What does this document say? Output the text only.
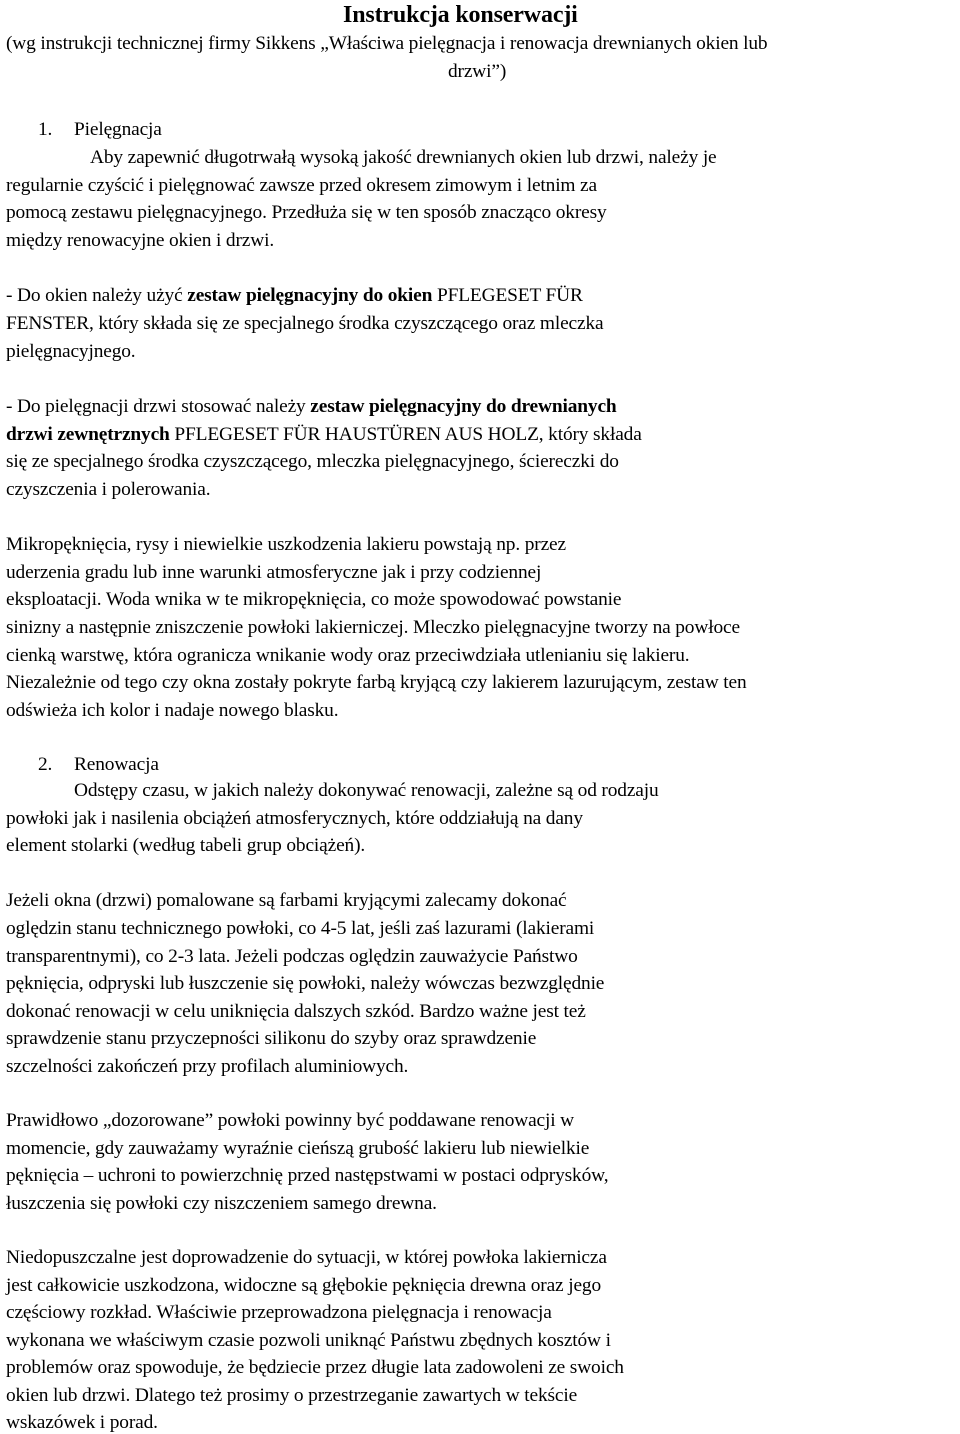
Instrukcja konserwacji
(wg instrukcji technicznej firmy Sikkens „Właściwa pielęgnacja i renowacja drewnianych okien lub
drzwi”)
1. Pielęgnacja
Aby zapewnić długotrwałą wysoką jakość drewnianych okien lub drzwi, należy je
regularnie czyścić i pielęgnować zawsze przed okresem zimowym i letnim za
pomocą zestawu pielęgnacyjnego. Przedłuża się w ten sposób znacząco okresy
między renowacyjne okien i drzwi.
- Do okien należy użyć zestaw pielęgnacyjny do okien PFLEGESET FÜR
FENSTER, który składa się ze specjalnego środka czyszczącego oraz mleczka
pielęgnacyjnego.
- Do pielęgnacji drzwi stosować należy zestaw pielęgnacyjny do drewnianych
drzwi zewnętrznych PFLEGESET FÜR HAUSTÜREN AUS HOLZ, który składa
się ze specjalnego środka czyszczącego, mleczka pielęgnacyjnego, ściereczki do
czyszczenia i polerowania.
Mikropęknięcia, rysy i niewielkie uszkodzenia lakieru powstają np. przez
uderzenia gradu lub inne warunki atmosferyczne jak i przy codziennej
eksploatacji. Woda wnika w te mikropęknięcia, co może spowodować powstanie
sinizny a następnie zniszczenie powłoki lakierniczej. Mleczko pielęgnacyjne tworzy na powłoce
cienką warstwę, która ogranicza wnikanie wody oraz przeciwdziała utlenianiu się lakieru.
Niezależnie od tego czy okna zostały pokryte farbą kryjącą czy lakierem lazurującym, zestaw ten
odświeża ich kolor i nadaje nowego blasku.
2. Renowacja
Odstępy czasu, w jakich należy dokonywać renowacji, zależne są od rodzaju
powłoki jak i nasilenia obciążeń atmosferycznych, które oddziałują na dany
element stolarki (według tabeli grup obciążeń).
Jeżeli okna (drzwi) pomalowane są farbami kryjącymi zalecamy dokonać
oględzin stanu technicznego powłoki, co 4-5 lat, jeśli zaś lazurami (lakierami
transparentnymi), co 2-3 lata. Jeżeli podczas oględzin zauważycie Państwo
pęknięcia, odpryski lub łuszczenie się powłoki, należy wówczas bezwzględnie
dokonać renowacji w celu uniknięcia dalszych szkód. Bardzo ważne jest też
sprawdzenie stanu przyczepności silikonu do szyby oraz sprawdzenie
szczelności zakończeń przy profilach aluminiowych.
Prawidłowo „dozorowane” powłoki powinny być poddawane renowacji w
momencie, gdy zauważamy wyraźnie cieńszą grubość lakieru lub niewielkie
pęknięcia – uchroni to powierzchnię przed następstwami w postaci odprysków,
łuszczenia się powłoki czy niszczeniem samego drewna.
Niedopuszczalne jest doprowadzenie do sytuacji, w której powłoka lakiernicza
jest całkowicie uszkodzona, widoczne są głębokie pęknięcia drewna oraz jego
częściowy rozkład. Właściwie przeprowadzona pielęgnacja i renowacja
wykonana we właściwym czasie pozwoli uniknąć Państwu zbędnych kosztów i
problemów oraz spowoduje, że będziecie przez długie lata zadowoleni ze swoich
okien lub drzwi. Dlatego też prosimy o przestrzeganie zawartych w tekście
wskazówek i porad.
